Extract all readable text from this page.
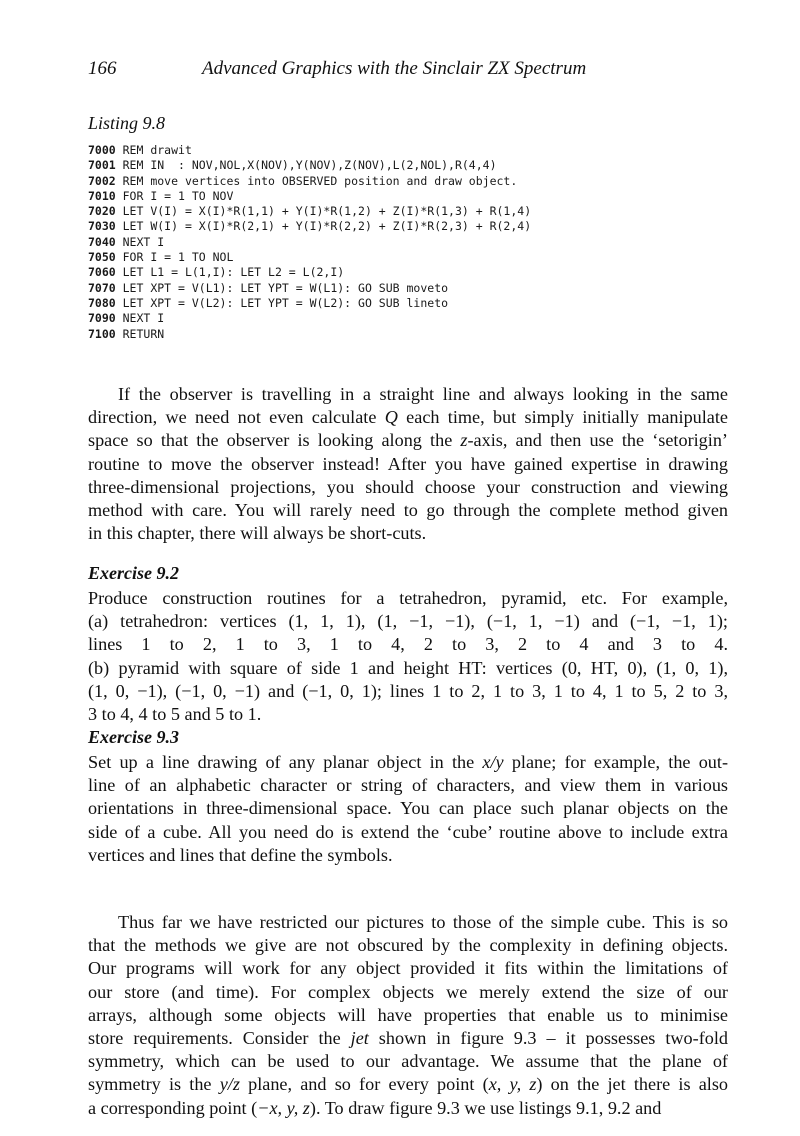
166	Advanced Graphics with the Sinclair ZX Spectrum
Listing 9.8
7000 REM drawit
7001 REM IN  : NOV,NOL,X(NOV),Y(NOV),Z(NOV),L(2,NOL),R(4,4)
7002 REM move vertices into OBSERVED position and draw object.
7010 FOR I = 1 TO NOV
7020 LET V(I) = X(I)*R(1,1) + Y(I)*R(1,2) + Z(I)*R(1,3) + R(1,4)
7030 LET W(I) = X(I)*R(2,1) + Y(I)*R(2,2) + Z(I)*R(2,3) + R(2,4)
7040 NEXT I
7050 FOR I = 1 TO NOL
7060 LET L1 = L(1,I): LET L2 = L(2,I)
7070 LET XPT = V(L1): LET YPT = W(L1): GO SUB moveto
7080 LET XPT = V(L2): LET YPT = W(L2): GO SUB lineto
7090 NEXT I
7100 RETURN
If the observer is travelling in a straight line and always looking in the same
direction, we need not even calculate Q each time, but simply initially manipulate
space so that the observer is looking along the z-axis, and then use the ‘setorigin’
routine to move the observer instead! After you have gained expertise in drawing
three-dimensional projections, you should choose your construction and viewing
method with care. You will rarely need to go through the complete method given
in this chapter, there will always be short-cuts.
Exercise 9.2
Produce construction routines for a tetrahedron, pyramid, etc. For example,
(a) tetrahedron: vertices (1, 1, 1), (1, −1, −1), (−1, 1, −1) and (−1, −1, 1);
lines 1 to 2, 1 to 3, 1 to 4, 2 to 3, 2 to 4 and 3 to 4.
(b) pyramid with square of side 1 and height HT: vertices (0, HT, 0), (1, 0, 1),
(1, 0, −1), (−1, 0, −1) and (−1, 0, 1); lines 1 to 2, 1 to 3, 1 to 4, 1 to 5, 2 to 3,
3 to 4, 4 to 5 and 5 to 1.
Exercise 9.3
Set up a line drawing of any planar object in the x/y plane; for example, the out-
line of an alphabetic character or string of characters, and view them in various
orientations in three-dimensional space. You can place such planar objects on the
side of a cube. All you need do is extend the ‘cube’ routine above to include extra
vertices and lines that define the symbols.
Thus far we have restricted our pictures to those of the simple cube. This is so
that the methods we give are not obscured by the complexity in defining objects.
Our programs will work for any object provided it fits within the limitations of
our store (and time). For complex objects we merely extend the size of our
arrays, although some objects will have properties that enable us to minimise
store requirements. Consider the jet shown in figure 9.3 – it possesses two-fold
symmetry, which can be used to our advantage. We assume that the plane of
symmetry is the y/z plane, and so for every point (x, y, z) on the jet there is also
a corresponding point (−x, y, z). To draw figure 9.3 we use listings 9.1, 9.2 and
